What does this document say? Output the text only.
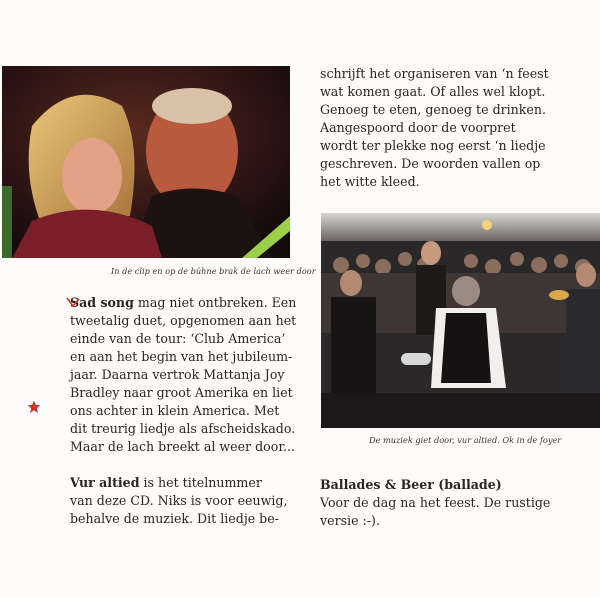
In de clip en op de bühne brak de lach weer door
De muziek giet door, vur altied. Ok in de foyer
Sad song mag niet ontbreken. Een
tweetalig duet, opgenomen aan het
einde van de tour: ‘Club America’
en aan het begin van het jubileum-
jaar. Daarna vertrok Mattanja Joy
Bradley naar groot Amerika en liet
ons achter in klein America. Met
dit treurig liedje als afscheidskado.
Maar de lach breekt al weer door...
Vur altied is het titelnummer
van deze CD. Niks is voor eeuwig,
behalve de muziek. Dit liedje be-
schrijft het organiseren van ‘n feest
wat komen gaat. Of alles wel klopt.
Genoeg te eten, genoeg te drinken.
Aangespoord door de voorpret
wordt ter plekke nog eerst ‘n liedje
geschreven. De woorden vallen op
het witte kleed.
Ballades & Beer (ballade)
Voor de dag na het feest. De rustige
versie :-).
